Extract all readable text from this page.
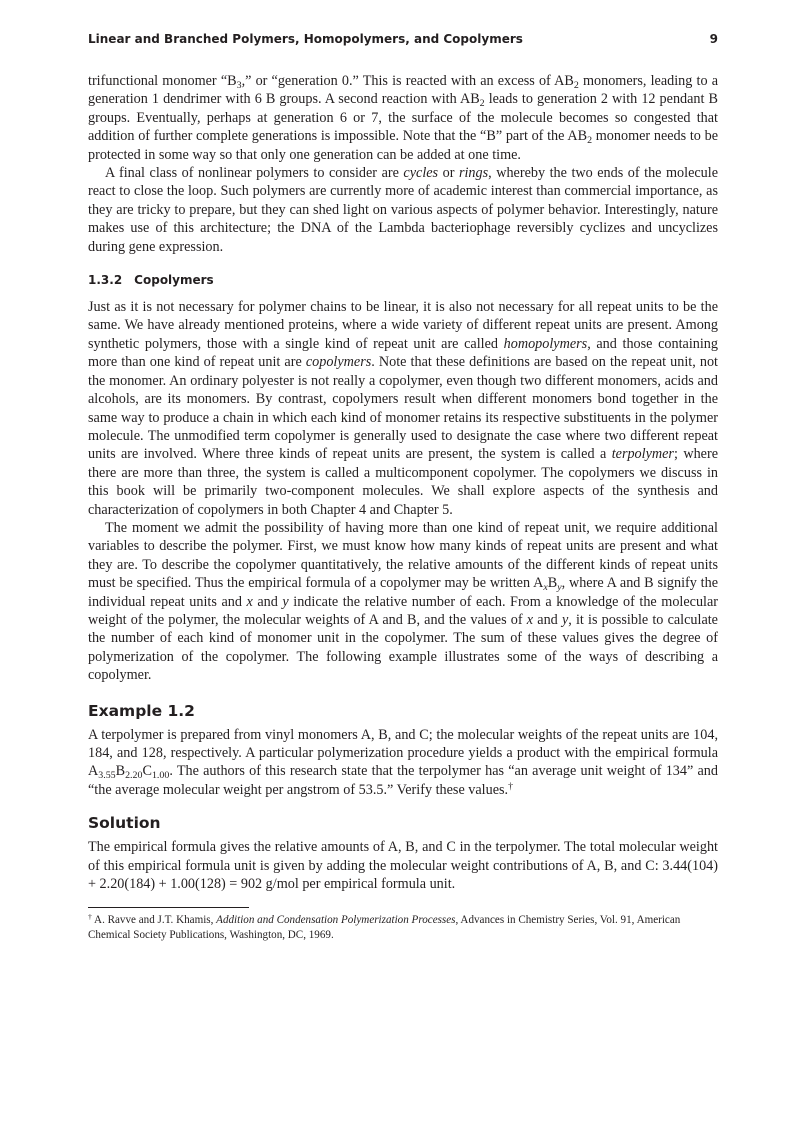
Linear and Branched Polymers, Homopolymers, and Copolymers	9

trifunctional monomer “$B_3$,” or “generation 0.” This is reacted with an excess of $AB_2$ monomers, leading to a generation 1 dendrimer with 6 B groups. A second reaction with $AB_2$ leads to generation 2 with 12 pendant B groups. Eventually, perhaps at generation 6 or 7, the surface of the molecule becomes so congested that addition of further complete generations is impossible. Note that the “B” part of the $AB_2$ monomer needs to be protected in some way so that only one generation can be added at one time.

A final class of nonlinear polymers to consider are cycles or rings, whereby the two ends of the molecule react to close the loop. Such polymers are currently more of academic interest than commercial importance, as they are tricky to prepare, but they can shed light on various aspects of polymer behavior. Interestingly, nature makes use of this architecture; the DNA of the Lambda bacteriophage reversibly cyclizes and uncyclizes during gene expression.

1.3.2 Copolymers

Just as it is not necessary for polymer chains to be linear, it is also not necessary for all repeat units to be the same. We have already mentioned proteins, where a wide variety of different repeat units are present. Among synthetic polymers, those with a single kind of repeat unit are called homopolymers, and those containing more than one kind of repeat unit are copolymers. Note that these definitions are based on the repeat unit, not the monomer. An ordinary polyester is not really a copolymer, even though two different monomers, acids and alcohols, are its monomers. By contrast, copolymers result when different monomers bond together in the same way to produce a chain in which each kind of monomer retains its respective substituents in the polymer molecule. The unmodified term copolymer is generally used to designate the case where two different repeat units are involved. Where three kinds of repeat units are present, the system is called a terpolymer; where there are more than three, the system is called a multicomponent copolymer. The copolymers we discuss in this book will be primarily two-component molecules. We shall explore aspects of the synthesis and characterization of copolymers in both Chapter 4 and Chapter 5.

The moment we admit the possibility of having more than one kind of repeat unit, we require additional variables to describe the polymer. First, we must know how many kinds of repeat units are present and what they are. To describe the copolymer quantitatively, the relative amounts of the different kinds of repeat units must be specified. Thus the empirical formula of a copolymer may be written $A_xB_y$, where A and B signify the individual repeat units and x and y indicate the relative number of each. From a knowledge of the molecular weight of the polymer, the molecular weights of A and B, and the values of x and y, it is possible to calculate the number of each kind of monomer unit in the copolymer. The sum of these values gives the degree of polymerization of the copolymer. The following example illustrates some of the ways of describing a copolymer.

Example 1.2

A terpolymer is prepared from vinyl monomers A, B, and C; the molecular weights of the repeat units are 104, 184, and 128, respectively. A particular polymerization procedure yields a product with the empirical formula $A_{3.55}B_{2.20}C_{1.00}$. The authors of this research state that the terpolymer has “an average unit weight of 134” and “the average molecular weight per angstrom of 53.5.” Verify these values.†

Solution

The empirical formula gives the relative amounts of A, B, and C in the terpolymer. The total molecular weight of this empirical formula unit is given by adding the molecular weight contributions of A, B, and C: 3.44(104) + 2.20(184) + 1.00(128) = 902 g/mol per empirical formula unit.

† A. Ravve and J.T. Khamis, Addition and Condensation Polymerization Processes, Advances in Chemistry Series, Vol. 91, American Chemical Society Publications, Washington, DC, 1969.
